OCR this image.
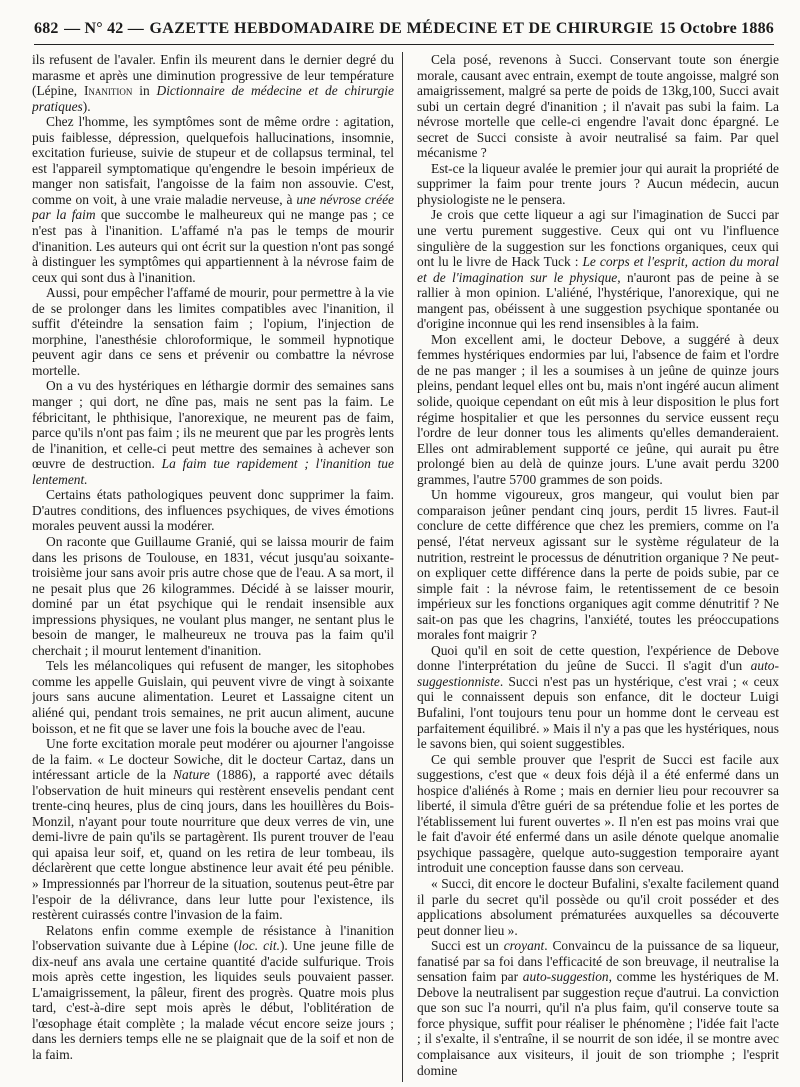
682 — N° 42 — GAZETTE HEBDOMADAIRE DE MÉDECINE ET DE CHIRURGIE 15 Octobre 1886

ils refusent de l'avaler. Enfin ils meurent dans le dernier degré du marasme et après une diminution progressive de leur température (Lépine, Inanition in Dictionnaire de médecine et de chirurgie pratiques).

Chez l'homme, les symptômes sont de même ordre : agitation, puis faiblesse, dépression, quelquefois hallucinations, insomnie, excitation furieuse, suivie de stupeur et de collapsus terminal, tel est l'appareil symptomatique qu'engendre le besoin impérieux de manger non satisfait, l'angoisse de la faim non assouvie. C'est, comme on voit, à une vraie maladie nerveuse, à une névrose créée par la faim que succombe le malheureux qui ne mange pas ; ce n'est pas à l'inanition. L'affamé n'a pas le temps de mourir d'inanition. Les auteurs qui ont écrit sur la question n'ont pas songé à distinguer les symptômes qui appartiennent à la névrose faim de ceux qui sont dus à l'inanition.

Aussi, pour empêcher l'affamé de mourir, pour permettre à la vie de se prolonger dans les limites compatibles avec l'inanition, il suffit d'éteindre la sensation faim ; l'opium, l'injection de morphine, l'anesthésie chloroformique, le sommeil hypnotique peuvent agir dans ce sens et prévenir ou combattre la névrose mortelle.

On a vu des hystériques en léthargie dormir des semaines sans manger ; qui dort, ne dîne pas, mais ne sent pas la faim. Le fébricitant, le phthisique, l'anorexique, ne meurent pas de faim, parce qu'ils n'ont pas faim ; ils ne meurent que par les progrès lents de l'inanition, et celle-ci peut mettre des semaines à achever son œuvre de destruction. La faim tue rapidement ; l'inanition tue lentement.

Certains états pathologiques peuvent donc supprimer la faim. D'autres conditions, des influences psychiques, de vives émotions morales peuvent aussi la modérer.

On raconte que Guillaume Granié, qui se laissa mourir de faim dans les prisons de Toulouse, en 1831, vécut jusqu'au soixante-troisième jour sans avoir pris autre chose que de l'eau. A sa mort, il ne pesait plus que 26 kilogrammes. Décidé à se laisser mourir, dominé par un état psychique qui le rendait insensible aux impressions physiques, ne voulant plus manger, ne sentant plus le besoin de manger, le malheureux ne trouva pas la faim qu'il cherchait ; il mourut lentement d'inanition.

Tels les mélancoliques qui refusent de manger, les sitophobes comme les appelle Guislain, qui peuvent vivre de vingt à soixante jours sans aucune alimentation. Leuret et Lassaigne citent un aliéné qui, pendant trois semaines, ne prit aucun aliment, aucune boisson, et ne fit que se laver une fois la bouche avec de l'eau.

Une forte excitation morale peut modérer ou ajourner l'angoisse de la faim. « Le docteur Sowiche, dit le docteur Cartaz, dans un intéressant article de la Nature (1886), a rapporté avec détails l'observation de huit mineurs qui restèrent ensevelis pendant cent trente-cinq heures, plus de cinq jours, dans les houillères du Bois-Monzil, n'ayant pour toute nourriture que deux verres de vin, une demi-livre de pain qu'ils se partagèrent. Ils purent trouver de l'eau qui apaisa leur soif, et, quand on les retira de leur tombeau, ils déclarèrent que cette longue abstinence leur avait été peu pénible. » Impressionnés par l'horreur de la situation, soutenus peut-être par l'espoir de la délivrance, dans leur lutte pour l'existence, ils restèrent cuirassés contre l'invasion de la faim.

Relatons enfin comme exemple de résistance à l'inanition l'observation suivante due à Lépine (loc. cit.). Une jeune fille de dix-neuf ans avala une certaine quantité d'acide sulfurique. Trois mois après cette ingestion, les liquides seuls pouvaient passer. L'amaigrissement, la pâleur, firent des progrès. Quatre mois plus tard, c'est-à-dire sept mois après le début, l'oblitération de l'œsophage était complète ; la malade vécut encore seize jours ; dans les derniers temps elle ne se plaignait que de la soif et non de la faim.

Cela posé, revenons à Succi. Conservant toute son énergie morale, causant avec entrain, exempt de toute angoisse, malgré son amaigrissement, malgré sa perte de poids de 13kg,100, Succi avait subi un certain degré d'inanition ; il n'avait pas subi la faim. La névrose mortelle que celle-ci engendre l'avait donc épargné. Le secret de Succi consiste à avoir neutralisé sa faim. Par quel mécanisme ?

Est-ce la liqueur avalée le premier jour qui aurait la propriété de supprimer la faim pour trente jours ? Aucun médecin, aucun physiologiste ne le pensera.

Je crois que cette liqueur a agi sur l'imagination de Succi par une vertu purement suggestive. Ceux qui ont vu l'influence singulière de la suggestion sur les fonctions organiques, ceux qui ont lu le livre de Hack Tuck : Le corps et l'esprit, action du moral et de l'imagination sur le physique, n'auront pas de peine à se rallier à mon opinion. L'aliéné, l'hystérique, l'anorexique, qui ne mangent pas, obéissent à une suggestion psychique spontanée ou d'origine inconnue qui les rend insensibles à la faim.

Mon excellent ami, le docteur Debove, a suggéré à deux femmes hystériques endormies par lui, l'absence de faim et l'ordre de ne pas manger ; il les a soumises à un jeûne de quinze jours pleins, pendant lequel elles ont bu, mais n'ont ingéré aucun aliment solide, quoique cependant on eût mis à leur disposition le plus fort régime hospitalier et que les personnes du service eussent reçu l'ordre de leur donner tous les aliments qu'elles demanderaient. Elles ont admirablement supporté ce jeûne, qui aurait pu être prolongé bien au delà de quinze jours. L'une avait perdu 3200 grammes, l'autre 5700 grammes de son poids.

Un homme vigoureux, gros mangeur, qui voulut bien par comparaison jeûner pendant cinq jours, perdit 15 livres. Faut-il conclure de cette différence que chez les premiers, comme on l'a pensé, l'état nerveux agissant sur le système régulateur de la nutrition, restreint le processus de dénutrition organique ? Ne peut-on expliquer cette différence dans la perte de poids subie, par ce simple fait : la névrose faim, le retentissement de ce besoin impérieux sur les fonctions organiques agit comme dénutritif ? Ne sait-on pas que les chagrins, l'anxiété, toutes les préoccupations morales font maigrir ?

Quoi qu'il en soit de cette question, l'expérience de Debove donne l'interprétation du jeûne de Succi. Il s'agit d'un auto-suggestionniste. Succi n'est pas un hystérique, c'est vrai ; « ceux qui le connaissent depuis son enfance, dit le docteur Luigi Bufalini, l'ont toujours tenu pour un homme dont le cerveau est parfaitement équilibré. » Mais il n'y a pas que les hystériques, nous le savons bien, qui soient suggestibles.

Ce qui semble prouver que l'esprit de Succi est facile aux suggestions, c'est que « deux fois déjà il a été enfermé dans un hospice d'aliénés à Rome ; mais en dernier lieu pour recouvrer sa liberté, il simula d'être guéri de sa prétendue folie et les portes de l'établissement lui furent ouvertes ». Il n'en est pas moins vrai que le fait d'avoir été enfermé dans un asile dénote quelque anomalie psychique passagère, quelque auto-suggestion temporaire ayant introduit une conception fausse dans son cerveau.

« Succi, dit encore le docteur Bufalini, s'exalte facilement quand il parle du secret qu'il possède ou qu'il croit posséder et des applications absolument prématurées auxquelles sa découverte peut donner lieu ».

Succi est un croyant. Convaincu de la puissance de sa liqueur, fanatisé par sa foi dans l'efficacité de son breuvage, il neutralise la sensation faim par auto-suggestion, comme les hystériques de M. Debove la neutralisent par suggestion reçue d'autrui. La conviction que son suc l'a nourri, qu'il n'a plus faim, qu'il conserve toute sa force physique, suffit pour réaliser le phénomène ; l'idée fait l'acte ; il s'exalte, il s'entraîne, il se nourrit de son idée, il se montre avec complaisance aux visiteurs, il jouit de son triomphe ; l'esprit domine
